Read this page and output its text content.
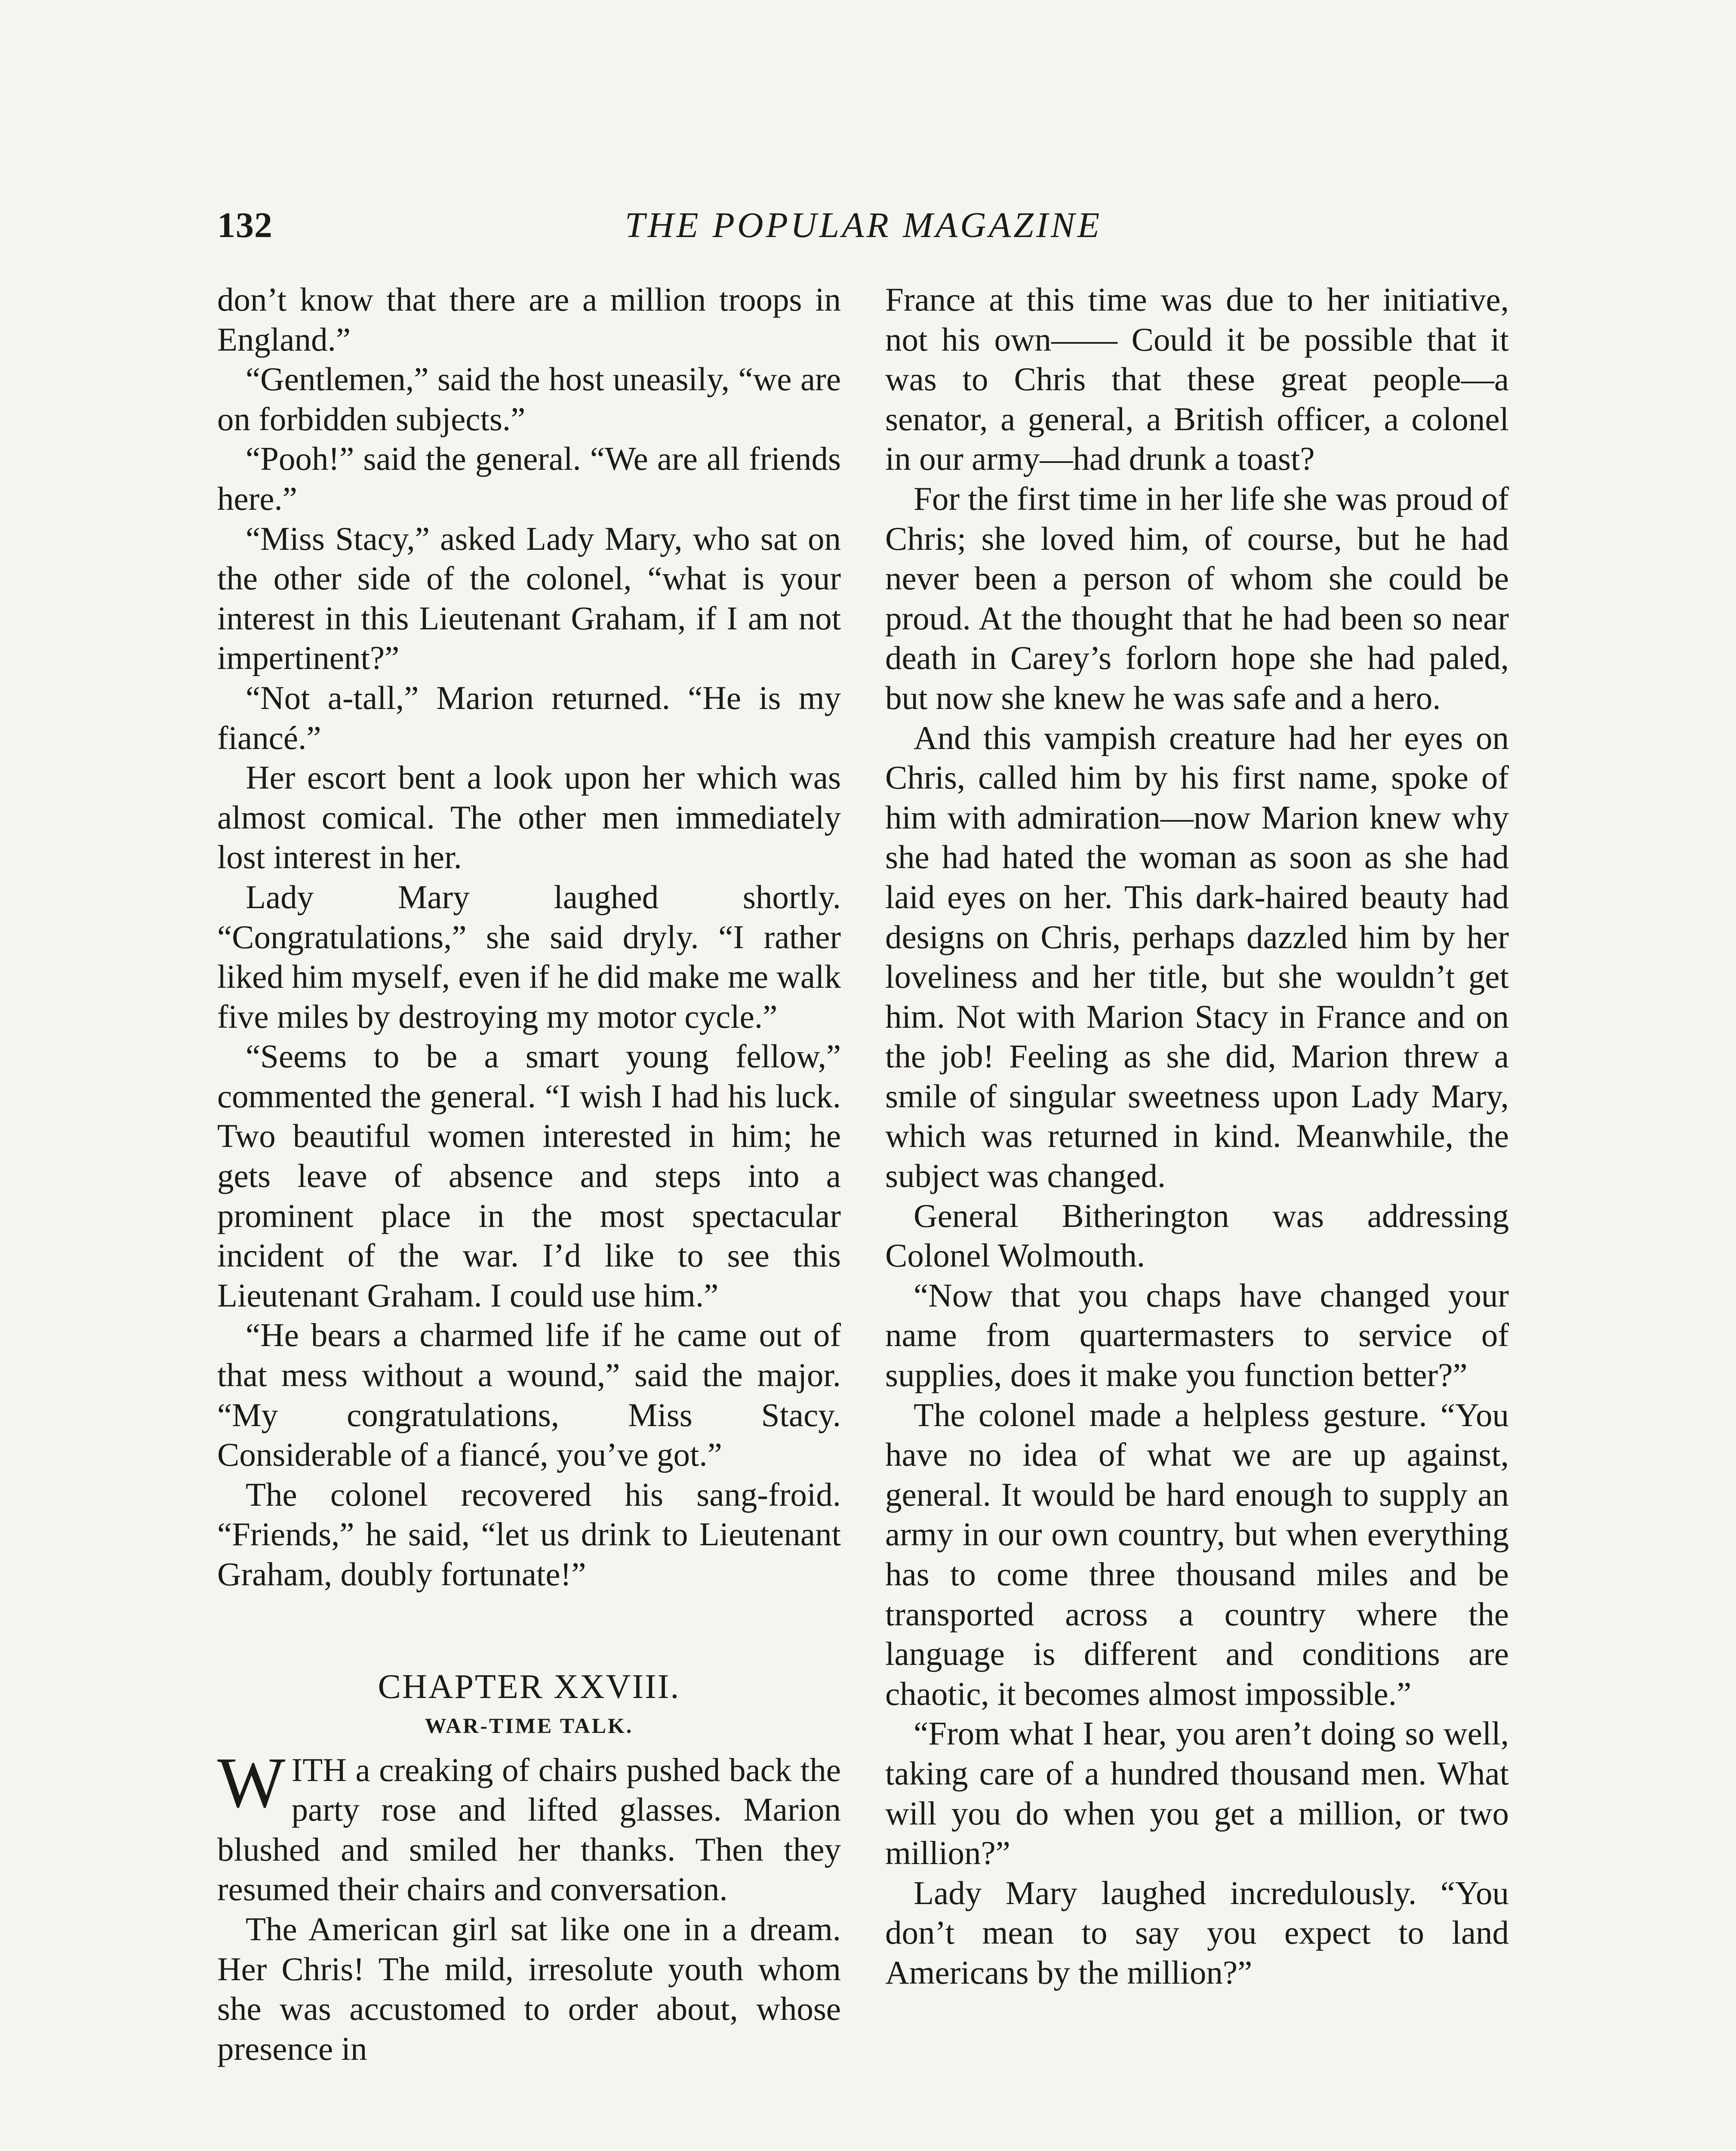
132	THE POPULAR MAGAZINE

don’t know that there are a million troops in England.”

“Gentlemen,” said the host uneasily, “we are on forbidden subjects.”

“Pooh!” said the general. “We are all friends here.”

“Miss Stacy,” asked Lady Mary, who sat on the other side of the colonel, “what is your interest in this Lieutenant Graham, if I am not impertinent?”

“Not a-tall,” Marion returned. “He is my fiancé.”

Her escort bent a look upon her which was almost comical. The other men immediately lost interest in her.

Lady Mary laughed shortly. “Congratulations,” she said dryly. “I rather liked him myself, even if he did make me walk five miles by destroying my motor cycle.”

“Seems to be a smart young fellow,” commented the general. “I wish I had his luck. Two beautiful women interested in him; he gets leave of absence and steps into a prominent place in the most spectacular incident of the war. I’d like to see this Lieutenant Graham. I could use him.”

“He bears a charmed life if he came out of that mess without a wound,” said the major. “My congratulations, Miss Stacy. Considerable of a fiancé, you’ve got.”

The colonel recovered his sang-froid. “Friends,” he said, “let us drink to Lieutenant Graham, doubly fortunate!”

CHAPTER XXVIII.
WAR-TIME TALK.

WITH a creaking of chairs pushed back the party rose and lifted glasses. Marion blushed and smiled her thanks. Then they resumed their chairs and conversation.

The American girl sat like one in a dream. Her Chris! The mild, irresolute youth whom she was accustomed to order about, whose presence in

France at this time was due to her initiative, not his own—— Could it be possible that it was to Chris that these great people—a senator, a general, a British officer, a colonel in our army—had drunk a toast?

For the first time in her life she was proud of Chris; she loved him, of course, but he had never been a person of whom she could be proud. At the thought that he had been so near death in Carey’s forlorn hope she had paled, but now she knew he was safe and a hero.

And this vampish creature had her eyes on Chris, called him by his first name, spoke of him with admiration—now Marion knew why she had hated the woman as soon as she had laid eyes on her. This dark-haired beauty had designs on Chris, perhaps dazzled him by her loveliness and her title, but she wouldn’t get him. Not with Marion Stacy in France and on the job! Feeling as she did, Marion threw a smile of singular sweetness upon Lady Mary, which was returned in kind. Meanwhile, the subject was changed.

General Bitherington was addressing Colonel Wolmouth.

“Now that you chaps have changed your name from quartermasters to service of supplies, does it make you function better?”

The colonel made a helpless gesture. “You have no idea of what we are up against, general. It would be hard enough to supply an army in our own country, but when everything has to come three thousand miles and be transported across a country where the language is different and conditions are chaotic, it becomes almost impossible.”

“From what I hear, you aren’t doing so well, taking care of a hundred thousand men. What will you do when you get a million, or two million?”

Lady Mary laughed incredulously. “You don’t mean to say you expect to land Americans by the million?”
